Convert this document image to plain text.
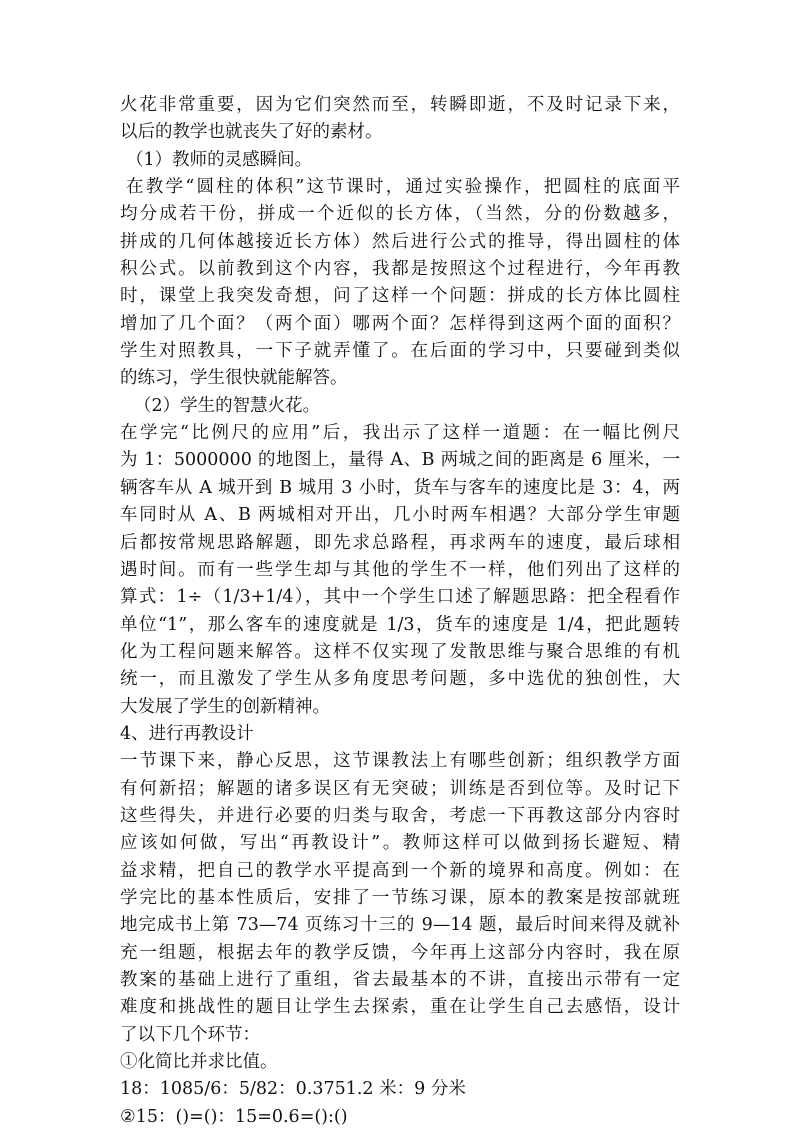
火花非常重要，因为它们突然而至，转瞬即逝，不及时记录下来，
以后的教学也就丧失了好的素材。
（1）教师的灵感瞬间。
在教学“圆柱的体积”这节课时，通过实验操作，把圆柱的底面平
均分成若干份，拼成一个近似的长方体，（当然，分的份数越多，
拼成的几何体越接近长方体）然后进行公式的推导，得出圆柱的体
积公式。以前教到这个内容，我都是按照这个过程进行，今年再教
时，课堂上我突发奇想，问了这样一个问题：拼成的长方体比圆柱
增加了几个面？（两个面）哪两个面？怎样得到这两个面的面积？
学生对照教具，一下子就弄懂了。在后面的学习中，只要碰到类似
的练习，学生很快就能解答。
（2）学生的智慧火花。
在学完“比例尺的应用”后，我出示了这样一道题：在一幅比例尺
为 1：5000000 的地图上，量得 A、B 两城之间的距离是 6 厘米，一
辆客车从 A 城开到 B 城用 3 小时，货车与客车的速度比是 3：4，两
车同时从 A、B 两城相对开出，几小时两车相遇？大部分学生审题
后都按常规思路解题，即先求总路程，再求两车的速度，最后球相
遇时间。而有一些学生却与其他的学生不一样，他们列出了这样的
算式：1÷（1/3+1/4），其中一个学生口述了解题思路：把全程看作
单位“1”，那么客车的速度就是 1/3，货车的速度是 1/4，把此题转
化为工程问题来解答。这样不仅实现了发散思维与聚合思维的有机
统一，而且激发了学生从多角度思考问题，多中选优的独创性，大
大发展了学生的创新精神。
4、进行再教设计
一节课下来，静心反思，这节课教法上有哪些创新；组织教学方面
有何新招；解题的诸多误区有无突破；训练是否到位等。及时记下
这些得失，并进行必要的归类与取舍，考虑一下再教这部分内容时
应该如何做，写出“再教设计”。教师这样可以做到扬长避短、精
益求精，把自己的教学水平提高到一个新的境界和高度。例如：在
学完比的基本性质后，安排了一节练习课，原本的教案是按部就班
地完成书上第 73—74 页练习十三的 9—14 题，最后时间来得及就补
充一组题，根据去年的教学反馈，今年再上这部分内容时，我在原
教案的基础上进行了重组，省去最基本的不讲，直接出示带有一定
难度和挑战性的题目让学生去探索，重在让学生自己去感悟，设计
了以下几个环节：
①化简比并求比值。
18：1085/6：5/82：0.3751.2 米：9 分米
②15：()=()：15=0.6=():()
